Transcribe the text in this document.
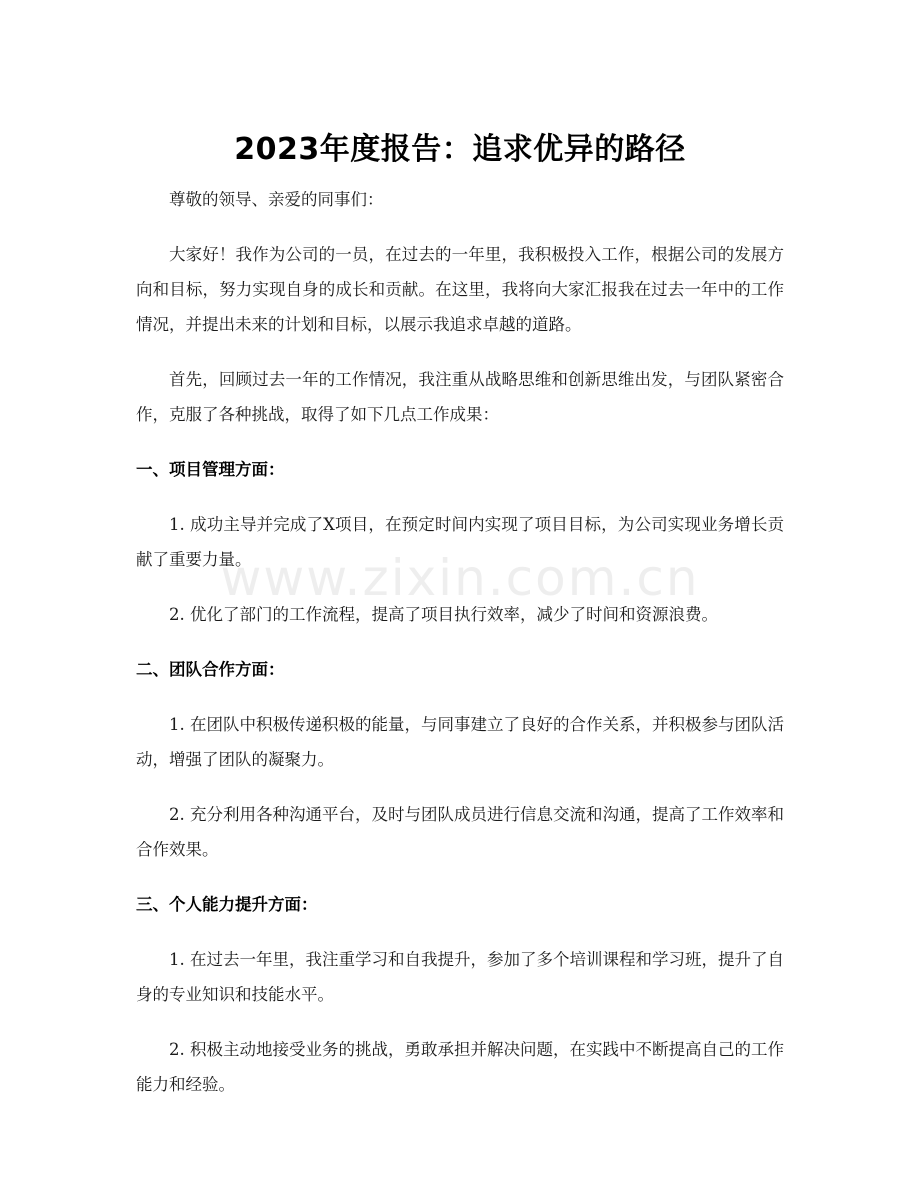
www.zixin.com.cn
2023年度报告：追求优异的路径

尊敬的领导、亲爱的同事们：

大家好！我作为公司的一员，在过去的一年里，我积极投入工作，根据公司的发展方向和目标，努力实现自身的成长和贡献。在这里，我将向大家汇报我在过去一年中的工作情况，并提出未来的计划和目标，以展示我追求卓越的道路。

首先，回顾过去一年的工作情况，我注重从战略思维和创新思维出发，与团队紧密合作，克服了各种挑战，取得了如下几点工作成果：

一、项目管理方面：

1. 成功主导并完成了X项目，在预定时间内实现了项目目标，为公司实现业务增长贡献了重要力量。

2. 优化了部门的工作流程，提高了项目执行效率，减少了时间和资源浪费。

二、团队合作方面：

1. 在团队中积极传递积极的能量，与同事建立了良好的合作关系，并积极参与团队活动，增强了团队的凝聚力。

2. 充分利用各种沟通平台，及时与团队成员进行信息交流和沟通，提高了工作效率和合作效果。

三、个人能力提升方面：

1. 在过去一年里，我注重学习和自我提升，参加了多个培训课程和学习班，提升了自身的专业知识和技能水平。

2. 积极主动地接受业务的挑战，勇敢承担并解决问题，在实践中不断提高自己的工作能力和经验。
